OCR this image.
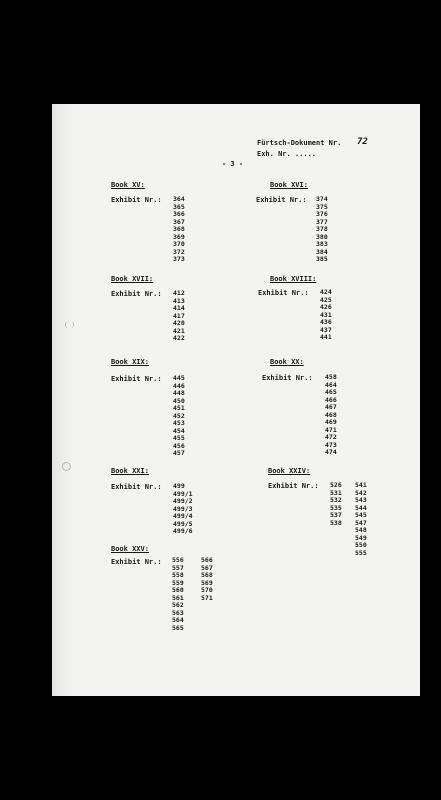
( )
Fürtsch-Dokument Nr. 72
Exh. Nr. .....
- 3 -
Book XV:
Exhibit Nr.: 364
365
366
367
368
369
370
372
373
Book XVI:
Exhibit Nr.: 374
375
376
377
378
380
383
384
385
Book XVII:
Exhibit Nr.: 412
413
414
417
420
421
422
Book XVIII:
Exhibit Nr.: 424
425
426
431
436
437
441
Book XIX:
Exhibit Nr.: 445
446
448
450
451
452
453
454
455
456
457
Book XX:
Exhibit Nr.: 458
464
465
466
467
468
469
471
472
473
474
Book XXI:
Exhibit Nr.: 499
499/1
499/2
499/3
499/4
499/5
499/6
Book XXIV:
Exhibit Nr.: 526
531
532
535
537
538
541
542
543
544
545
547
548
549
550
555
Book XXV:
Exhibit Nr.: 556
557
558
559
560
561
562
563
564
565
566
567
568
569
570
571
